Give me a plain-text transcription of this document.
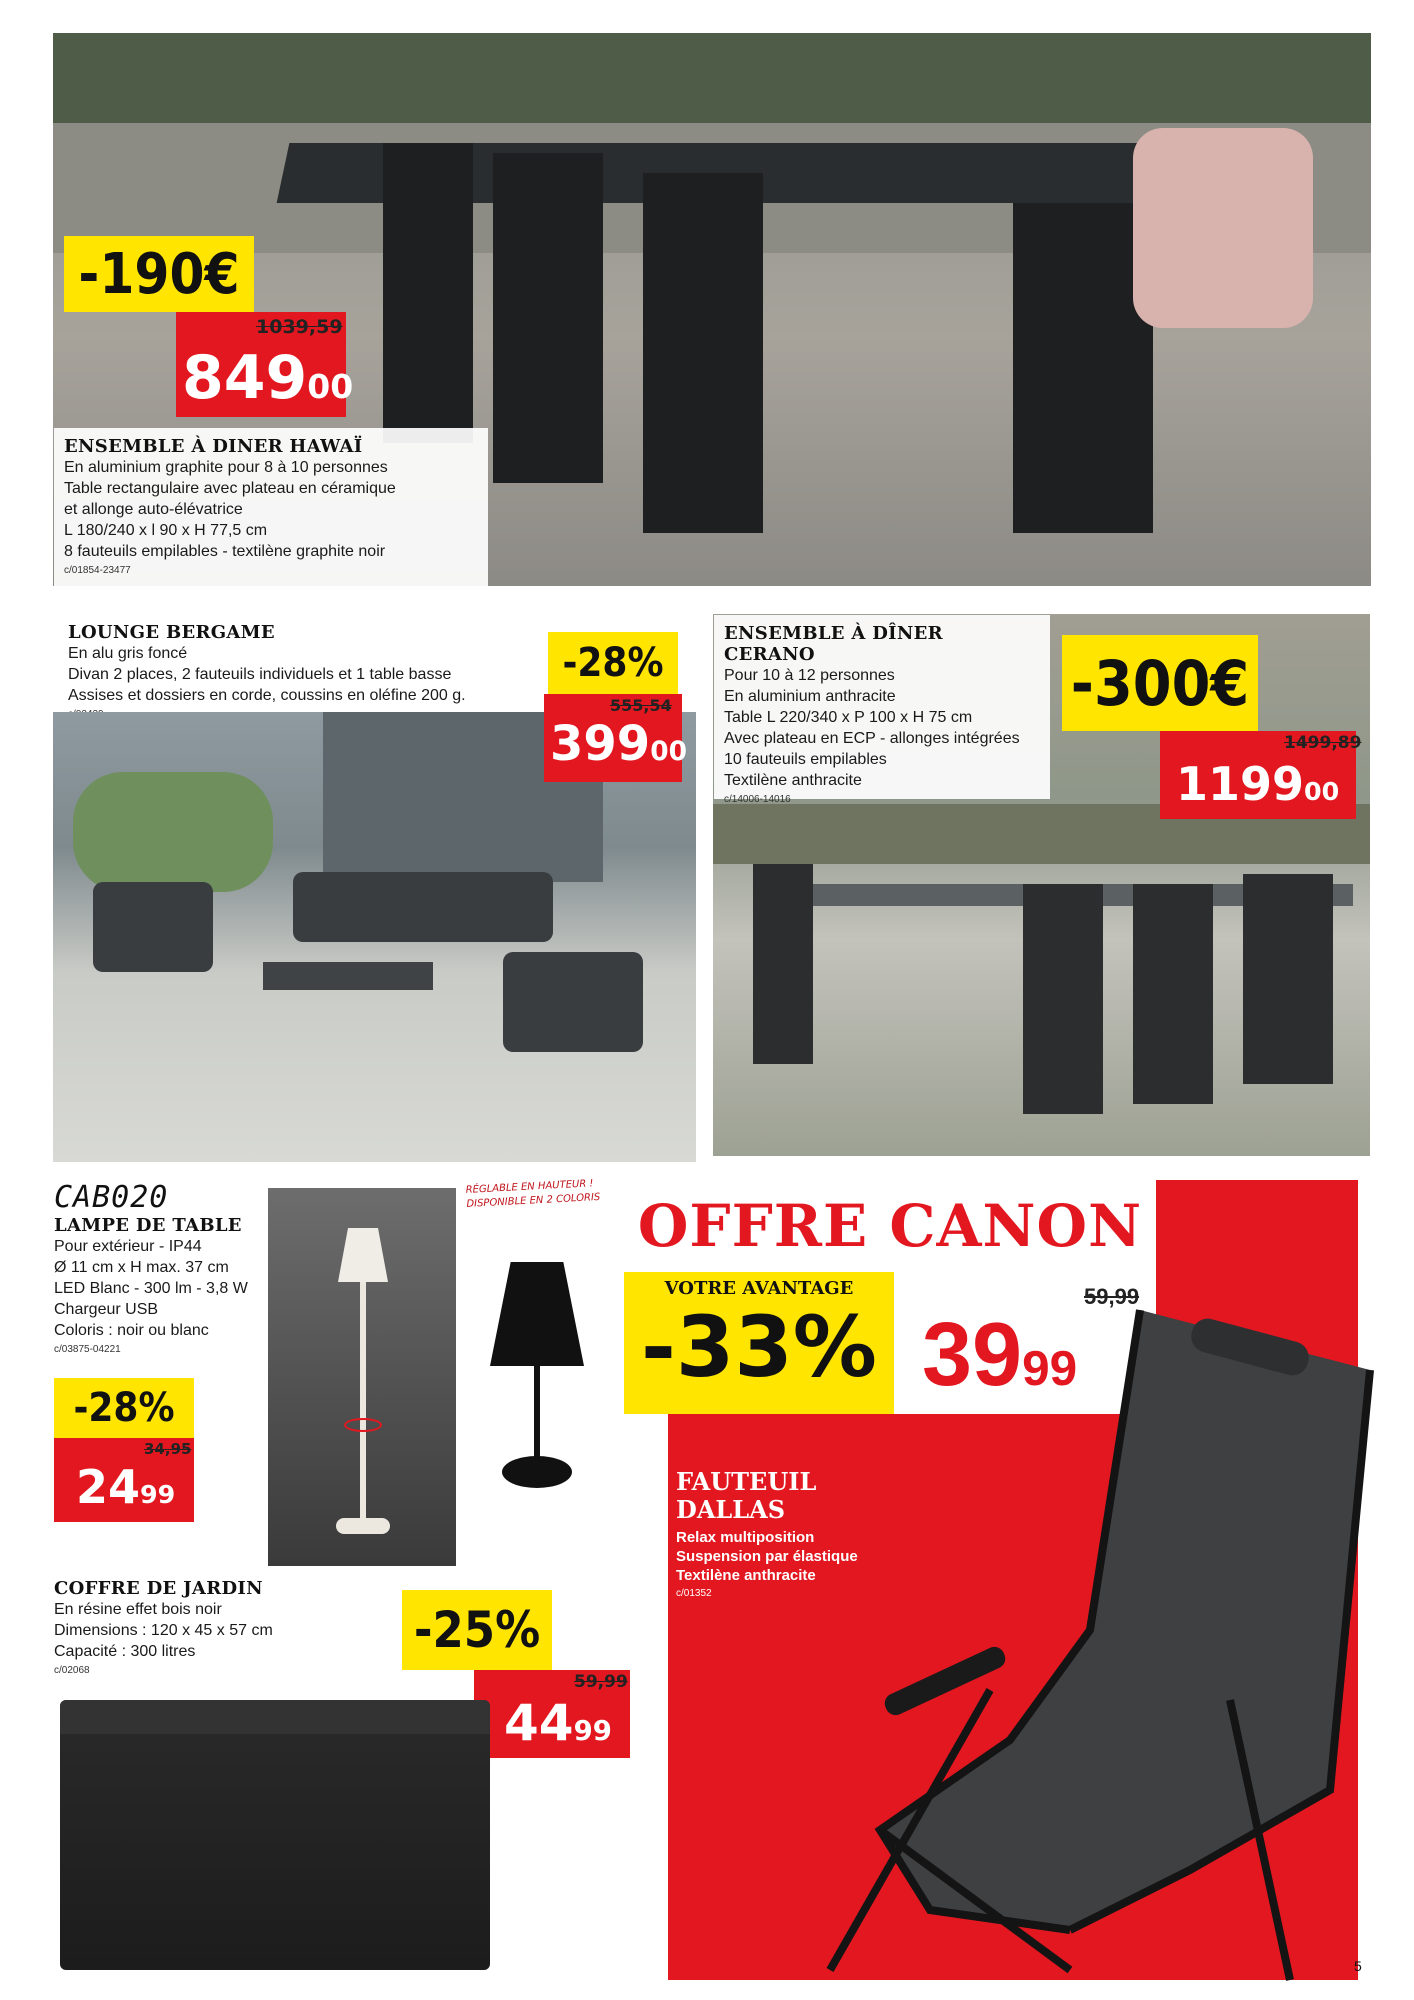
-190€
1039,59
84900
ENSEMBLE À DINER HAWAÏ
En aluminium graphite pour 8 à 10 personnes
Table rectangulaire avec plateau en céramique
et allonge auto-élévatrice
L 180/240 x l 90 x H 77,5 cm
8 fauteuils empilables - textilène graphite noir
c/01854-23477
LOUNGE BERGAME
En alu gris foncé
Divan 2 places, 2 fauteuils individuels et 1 table basse
Assises et dossiers en corde, coussins en oléfine 200 g.
-28%
555,54
39900
ENSEMBLE À DÎNER CERANO
Pour 10 à 12 personnes
En aluminium anthracite
Table L 220/340 x P 100 x H 75 cm
Avec plateau en ECP - allonges intégrées
10 fauteuils empilables
Textilène anthracite
c/14006-14016
-300€
1499,89
119900
CAB020
LAMPE DE TABLE
Pour extérieur - IP44
Ø 11 cm x H max. 37 cm
LED Blanc - 300 lm - 3,8 W
Chargeur USB
Coloris : noir ou blanc
c/03875-04221
-28%
34,95
2499
RÉGLABLE EN HAUTEUR !
DISPONIBLE EN 2 COLORIS
COFFRE DE JARDIN
En résine effet bois noir
Dimensions : 120 x 45 x 57 cm
Capacité : 300 litres
c/02068
-25%
59,99
4499
OFFRE CANON
VOTRE AVANTAGE
-33%
59,99
3999
FAUTEUIL
DALLAS
Relax multiposition
Suspension par élastique
Textilène anthracite
c/01352
5
